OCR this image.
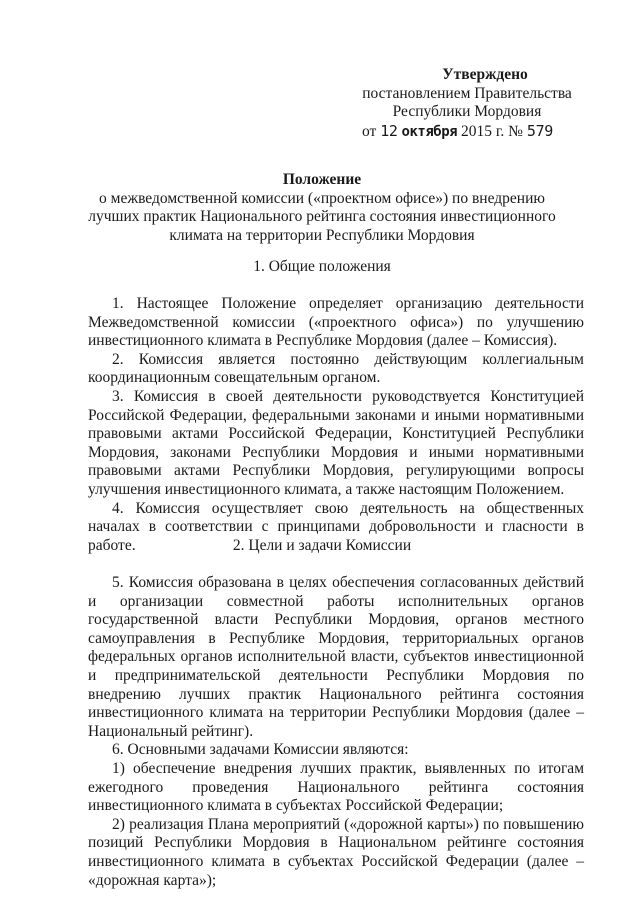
Утверждено
постановлением Правительства
Республики Мордовия
от 12 октября 2015 г. № 579
Положение
о межведомственной комиссии («проектном офисе») по внедрению лучших практик Национального рейтинга состояния инвестиционного климата на территории Республики Мордовия
1. Общие положения

1. Настоящее Положение определяет организацию деятельности Межведомственной комиссии («проектного офиса») по улучшению инвестиционного климата в Республике Мордовия (далее – Комиссия).

2. Комиссия является постоянно действующим коллегиальным координационным совещательным органом.

3. Комиссия в своей деятельности руководствуется Конституцией Российской Федерации, федеральными законами и иными нормативными правовыми актами Российской Федерации, Конституцией Республики Мордовия, законами Республики Мордовия и иными нормативными правовыми актами Республики Мордовия, регулирующими вопросы улучшения инвестиционного климата, а также настоящим Положением.

4. Комиссия осуществляет свою деятельность на общественных началах в соответствии с принципами добровольности и гласности в работе.	2. Цели и задачи Комиссии

5. Комиссия образована в целях обеспечения согласованных действий и организации совместной работы исполнительных органов государственной власти Республики Мордовия, органов местного самоуправления в Республике Мордовия, территориальных органов федеральных органов исполнительной власти, субъектов инвестиционной и предпринимательской деятельности Республики Мордовия по внедрению лучших практик Национального рейтинга состояния инвестиционного климата на территории Республики Мордовия (далее – Национальный рейтинг).

6. Основными задачами Комиссии являются:

1) обеспечение внедрения лучших практик, выявленных по итогам ежегодного проведения Национального рейтинга состояния инвестиционного климата в субъектах Российской Федерации;

2) реализация Плана мероприятий («дорожной карты») по повышению позиций Республики Мордовия в Национальном рейтинге состояния инвестиционного климата в субъектах Российской Федерации (далее – «дорожная карта»);
